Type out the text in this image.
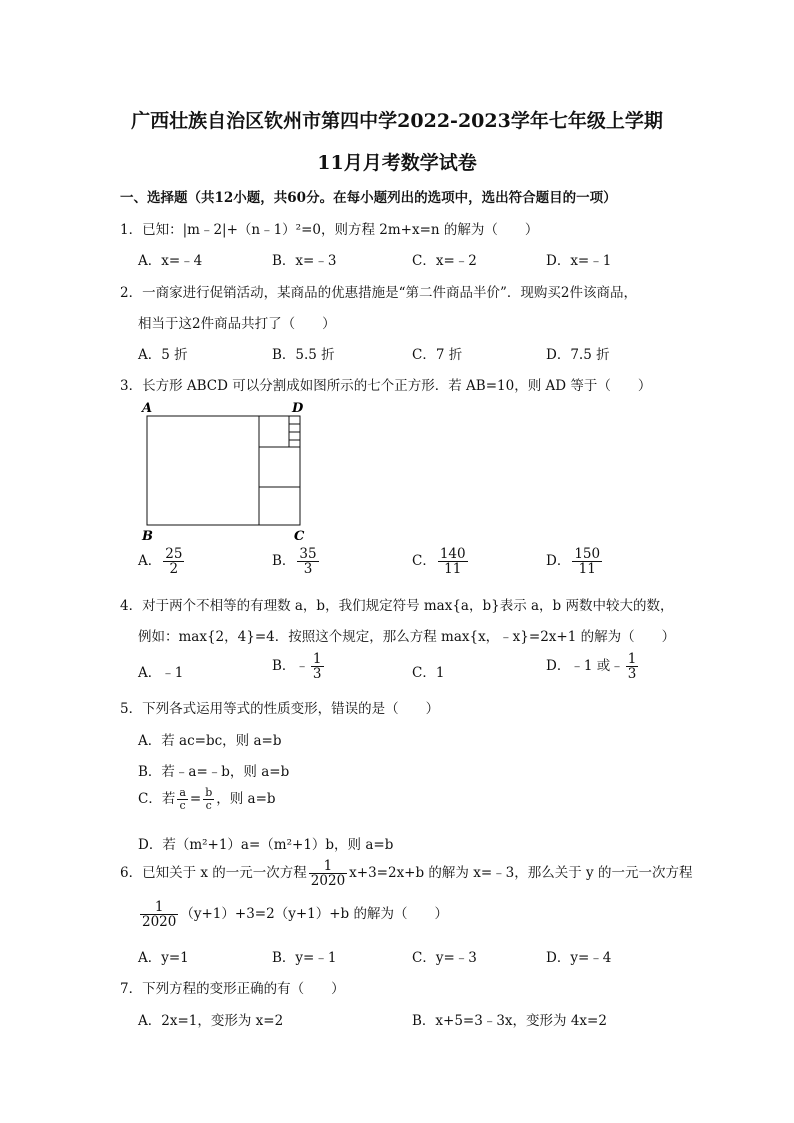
广西壮族自治区钦州市第四中学2022-2023学年七年级上学期
11月月考数学试卷
一、选择题（共12小题，共60分。在每小题列出的选项中，选出符合题目的一项）
1．已知：|m﹣2|+（n﹣1）²=0，则方程 2m+x=n 的解为（　　）
A．x=﹣4	B．x=﹣3	C．x=﹣2	D．x=﹣1
2．一商家进行促销活动，某商品的优惠措施是“第二件商品半价”．现购买2件该商品，
相当于这2件商品共打了（　　）
A．5 折	B．5.5 折	C．7 折	D．7.5 折
3．长方形 ABCD 可以分割成如图所示的七个正方形．若 AB=10，则 AD 等于（　　）
A	D
B	C
A． $\frac{25}{2}$	B． $\frac{35}{3}$	C． $\frac{140}{11}$	D． $\frac{150}{11}$
4．对于两个不相等的有理数 a，b，我们规定符号 max{a，b}表示 a，b 两数中较大的数，
例如：max{2，4}=4．按照这个规定，那么方程 max{x，﹣x}=2x+1 的解为（　　）
A．﹣1	B．﹣ $\frac{1}{3}$	C．1	D．﹣1 或﹣ $\frac{1}{3}$
5．下列各式运用等式的性质变形，错误的是（　　）
A．若 ac=bc，则 a=b
B．若﹣a=﹣b，则 a=b
C．若 $\frac{a}{c} = \frac{b}{c}$ ，则 a=b
D．若（m²+1）a=（m²+1）b，则 a=b
6．已知关于 x 的一元一次方程 $\frac{1}{2020} x+3=2x+b$ 的解为 x=﹣3，那么关于 y 的一元一次方程
$\frac{1}{2020} (y+1)+3=2(y+1)+b$ 的解为（　　）
A．y=1	B．y=﹣1	C．y=﹣3	D．y=﹣4
7．下列方程的变形正确的有（　　）
A．2x=1，变形为 x=2	B．x+5=3﹣3x，变形为 4x=2
